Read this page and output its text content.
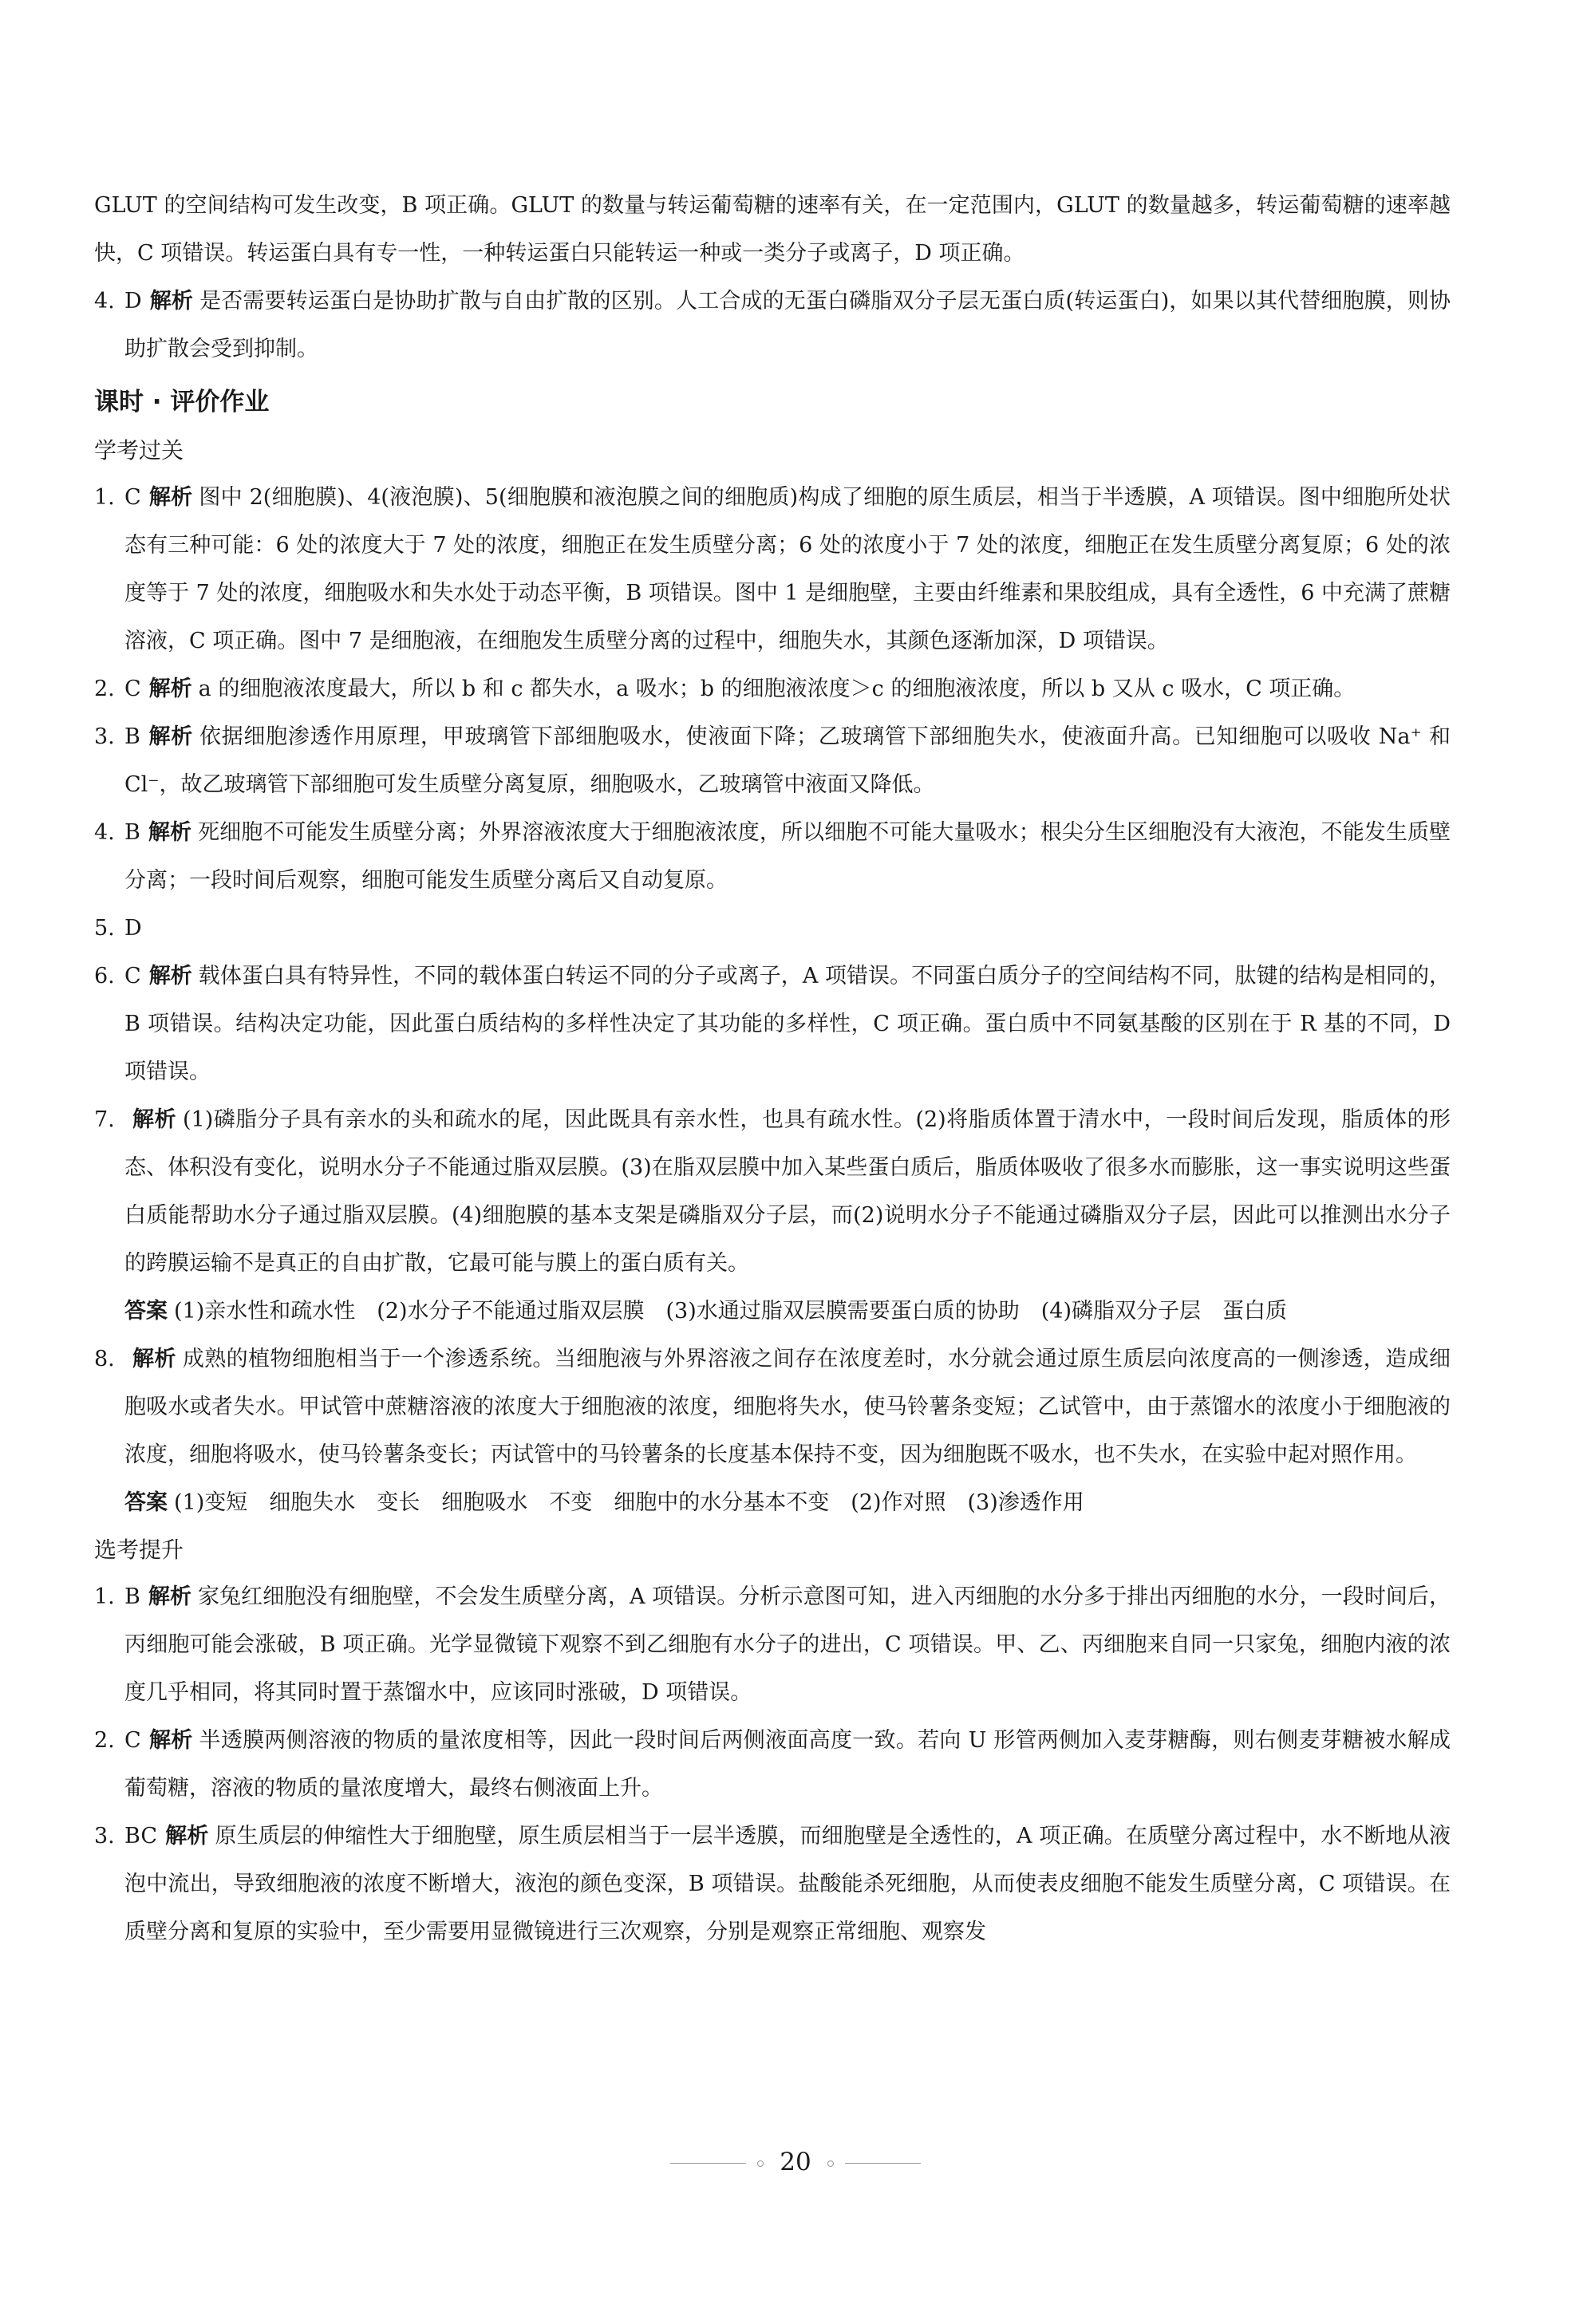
GLUT 的空间结构可发生改变，B 项正确。GLUT 的数量与转运葡萄糖的速率有关，在一定范围内，GLUT 的数量越多，转运葡萄糖的速率越快，C 项错误。转运蛋白具有专一性，一种转运蛋白只能转运一种或一类分子或离子，D 项正确。

4. D 解析 是否需要转运蛋白是协助扩散与自由扩散的区别。人工合成的无蛋白磷脂双分子层无蛋白质(转运蛋白)，如果以其代替细胞膜，则协助扩散会受到抑制。

课时 · 评价作业

学考过关

1. C 解析 图中 2(细胞膜)、4(液泡膜)、5(细胞膜和液泡膜之间的细胞质)构成了细胞的原生质层，相当于半透膜，A 项错误。图中细胞所处状态有三种可能：6 处的浓度大于 7 处的浓度，细胞正在发生质壁分离；6 处的浓度小于 7 处的浓度，细胞正在发生质壁分离复原；6 处的浓度等于 7 处的浓度，细胞吸水和失水处于动态平衡，B 项错误。图中 1 是细胞壁，主要由纤维素和果胶组成，具有全透性，6 中充满了蔗糖溶液，C 项正确。图中 7 是细胞液，在细胞发生质壁分离的过程中，细胞失水，其颜色逐渐加深，D 项错误。

2. C 解析 a 的细胞液浓度最大，所以 b 和 c 都失水，a 吸水；b 的细胞液浓度＞c 的细胞液浓度，所以 b 又从 c 吸水，C 项正确。

3. B 解析 依据细胞渗透作用原理，甲玻璃管下部细胞吸水，使液面下降；乙玻璃管下部细胞失水，使液面升高。已知细胞可以吸收 Na⁺ 和 Cl⁻，故乙玻璃管下部细胞可发生质壁分离复原，细胞吸水，乙玻璃管中液面又降低。

4. B 解析 死细胞不可能发生质壁分离；外界溶液浓度大于细胞液浓度，所以细胞不可能大量吸水；根尖分生区细胞没有大液泡，不能发生质壁分离；一段时间后观察，细胞可能发生质壁分离后又自动复原。

5. D

6. C 解析 载体蛋白具有特异性，不同的载体蛋白转运不同的分子或离子，A 项错误。不同蛋白质分子的空间结构不同，肽键的结构是相同的，B 项错误。结构决定功能，因此蛋白质结构的多样性决定了其功能的多样性，C 项正确。蛋白质中不同氨基酸的区别在于 R 基的不同，D 项错误。

7. 解析 (1)磷脂分子具有亲水的头和疏水的尾，因此既具有亲水性，也具有疏水性。(2)将脂质体置于清水中，一段时间后发现，脂质体的形态、体积没有变化，说明水分子不能通过脂双层膜。(3)在脂双层膜中加入某些蛋白质后，脂质体吸收了很多水而膨胀，这一事实说明这些蛋白质能帮助水分子通过脂双层膜。(4)细胞膜的基本支架是磷脂双分子层，而(2)说明水分子不能通过磷脂双分子层，因此可以推测出水分子的跨膜运输不是真正的自由扩散，它最可能与膜上的蛋白质有关。

答案 (1)亲水性和疏水性　(2)水分子不能通过脂双层膜　(3)水通过脂双层膜需要蛋白质的协助　(4)磷脂双分子层　蛋白质

8. 解析 成熟的植物细胞相当于一个渗透系统。当细胞液与外界溶液之间存在浓度差时，水分就会通过原生质层向浓度高的一侧渗透，造成细胞吸水或者失水。甲试管中蔗糖溶液的浓度大于细胞液的浓度，细胞将失水，使马铃薯条变短；乙试管中，由于蒸馏水的浓度小于细胞液的浓度，细胞将吸水，使马铃薯条变长；丙试管中的马铃薯条的长度基本保持不变，因为细胞既不吸水，也不失水，在实验中起对照作用。

答案 (1)变短　细胞失水　变长　细胞吸水　不变　细胞中的水分基本不变　(2)作对照　(3)渗透作用

选考提升

1. B 解析 家兔红细胞没有细胞壁，不会发生质壁分离，A 项错误。分析示意图可知，进入丙细胞的水分多于排出丙细胞的水分，一段时间后，丙细胞可能会涨破，B 项正确。光学显微镜下观察不到乙细胞有水分子的进出，C 项错误。甲、乙、丙细胞来自同一只家兔，细胞内液的浓度几乎相同，将其同时置于蒸馏水中，应该同时涨破，D 项错误。

2. C 解析 半透膜两侧溶液的物质的量浓度相等，因此一段时间后两侧液面高度一致。若向 U 形管两侧加入麦芽糖酶，则右侧麦芽糖被水解成葡萄糖，溶液的物质的量浓度增大，最终右侧液面上升。

3. BC 解析 原生质层的伸缩性大于细胞壁，原生质层相当于一层半透膜，而细胞壁是全透性的，A 项正确。在质壁分离过程中，水不断地从液泡中流出，导致细胞液的浓度不断增大，液泡的颜色变深，B 项错误。盐酸能杀死细胞，从而使表皮细胞不能发生质壁分离，C 项错误。在质壁分离和复原的实验中，至少需要用显微镜进行三次观察，分别是观察正常细胞、观察发

20
